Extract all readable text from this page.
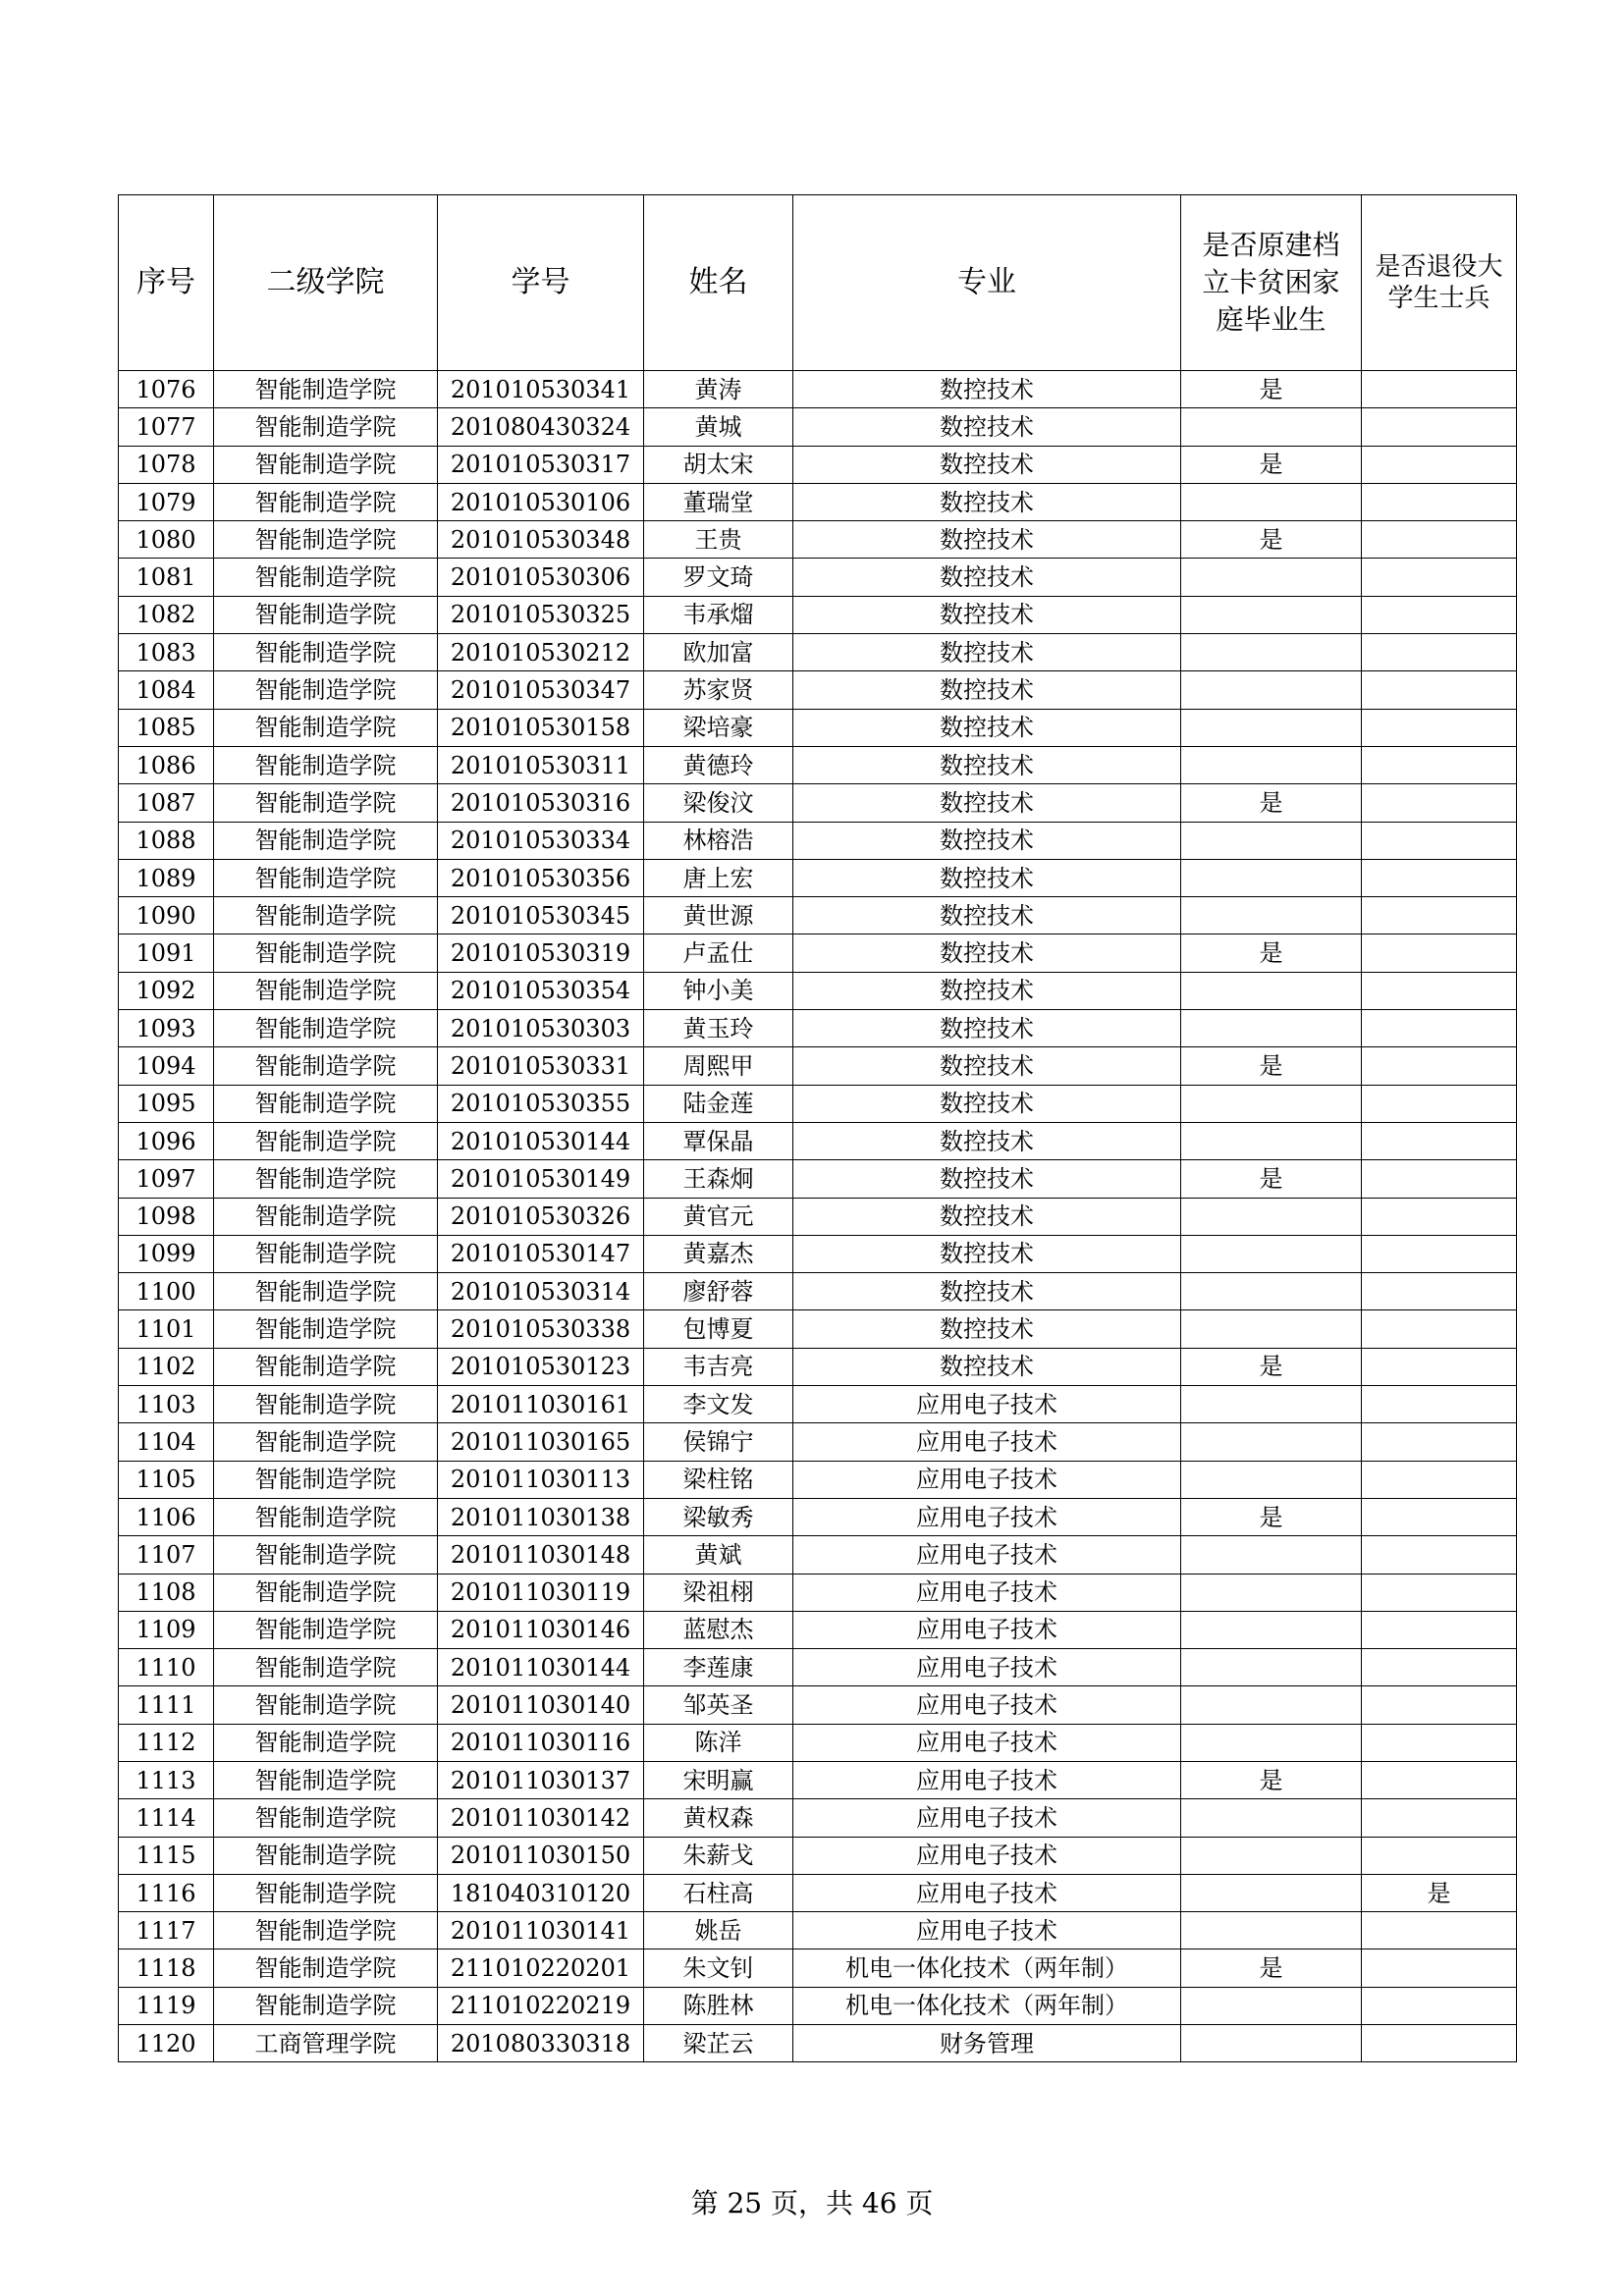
序号	二级学院	学号	姓名	专业	是否原建档立卡贫困家庭毕业生	是否退役大学生士兵
1076	智能制造学院	201010530341	黄涛	数控技术	是	
1077	智能制造学院	201080430324	黄城	数控技术		
1078	智能制造学院	201010530317	胡太宋	数控技术	是	
1079	智能制造学院	201010530106	董瑞堂	数控技术		
1080	智能制造学院	201010530348	王贵	数控技术	是	
1081	智能制造学院	201010530306	罗文琦	数控技术		
1082	智能制造学院	201010530325	韦承熘	数控技术		
1083	智能制造学院	201010530212	欧加富	数控技术		
1084	智能制造学院	201010530347	苏家贤	数控技术		
1085	智能制造学院	201010530158	梁培豪	数控技术		
1086	智能制造学院	201010530311	黄德玲	数控技术		
1087	智能制造学院	201010530316	梁俊汶	数控技术	是	
1088	智能制造学院	201010530334	林榕浩	数控技术		
1089	智能制造学院	201010530356	唐上宏	数控技术		
1090	智能制造学院	201010530345	黄世源	数控技术		
1091	智能制造学院	201010530319	卢孟仕	数控技术	是	
1092	智能制造学院	201010530354	钟小美	数控技术		
1093	智能制造学院	201010530303	黄玉玲	数控技术		
1094	智能制造学院	201010530331	周熙甲	数控技术	是	
1095	智能制造学院	201010530355	陆金莲	数控技术		
1096	智能制造学院	201010530144	覃保晶	数控技术		
1097	智能制造学院	201010530149	王森炯	数控技术	是	
1098	智能制造学院	201010530326	黄官元	数控技术		
1099	智能制造学院	201010530147	黄嘉杰	数控技术		
1100	智能制造学院	201010530314	廖舒蓉	数控技术		
1101	智能制造学院	201010530338	包博夏	数控技术		
1102	智能制造学院	201010530123	韦吉亮	数控技术	是	
1103	智能制造学院	201011030161	李文发	应用电子技术		
1104	智能制造学院	201011030165	侯锦宁	应用电子技术		
1105	智能制造学院	201011030113	梁柱铭	应用电子技术		
1106	智能制造学院	201011030138	梁敏秀	应用电子技术	是	
1107	智能制造学院	201011030148	黄斌	应用电子技术		
1108	智能制造学院	201011030119	梁祖栩	应用电子技术		
1109	智能制造学院	201011030146	蓝慰杰	应用电子技术		
1110	智能制造学院	201011030144	李莲康	应用电子技术		
1111	智能制造学院	201011030140	邹英圣	应用电子技术		
1112	智能制造学院	201011030116	陈洋	应用电子技术		
1113	智能制造学院	201011030137	宋明赢	应用电子技术	是	
1114	智能制造学院	201011030142	黄权森	应用电子技术		
1115	智能制造学院	201011030150	朱薪戈	应用电子技术		
1116	智能制造学院	181040310120	石柱高	应用电子技术		是
1117	智能制造学院	201011030141	姚岳	应用电子技术		
1118	智能制造学院	211010220201	朱文钊	机电一体化技术（两年制）	是	
1119	智能制造学院	211010220219	陈胜林	机电一体化技术（两年制）		
1120	工商管理学院	201080330318	梁芷云	财务管理		
第 25 页，共 46 页
